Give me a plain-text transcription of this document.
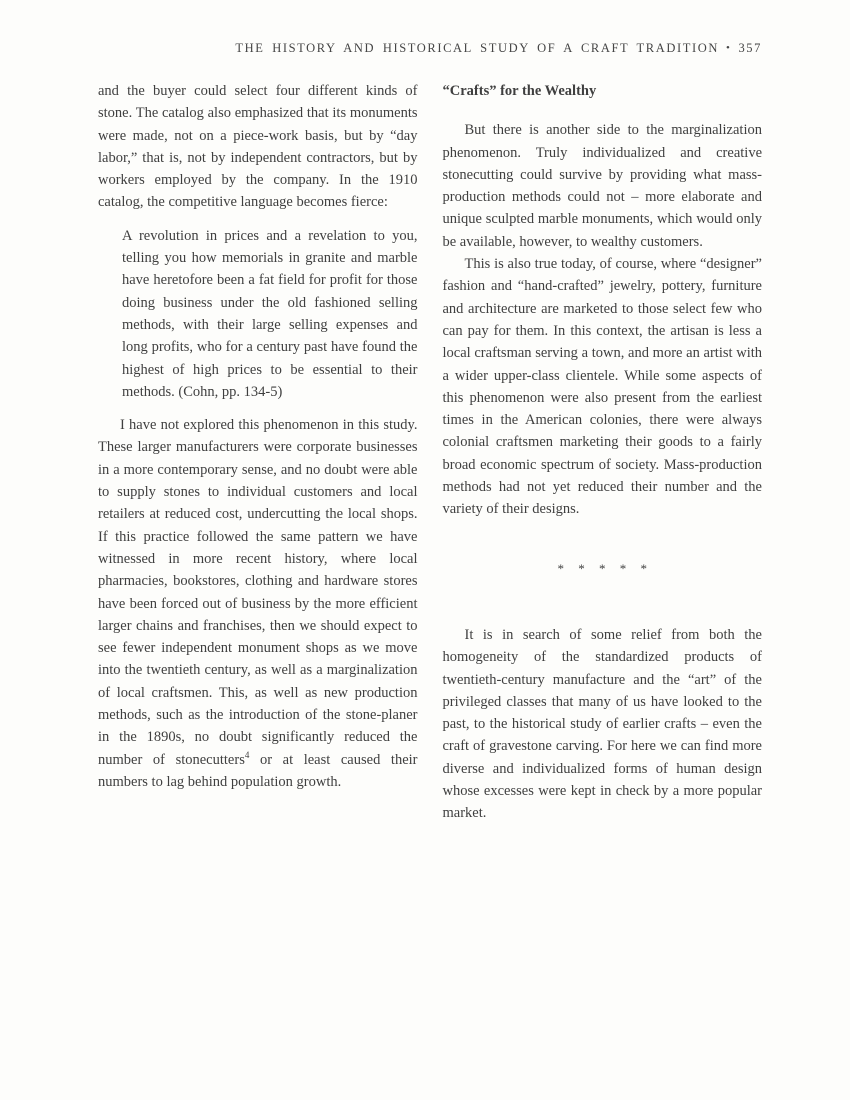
THE HISTORY AND HISTORICAL STUDY OF A CRAFT TRADITION • 357

and the buyer could select four different kinds of stone. The catalog also emphasized that its monuments were made, not on a piece-work basis, but by “day labor,” that is, not by independent contractors, but by workers employed by the company. In the 1910 catalog, the competitive language becomes fierce:

A revolution in prices and a revelation to you, telling you how memorials in granite and marble have heretofore been a fat field for profit for those doing business under the old fashioned selling methods, with their large selling expenses and long profits, who for a century past have found the highest of high prices to be essential to their methods. (Cohn, pp. 134-5)

I have not explored this phenomenon in this study. These larger manufacturers were corporate businesses in a more contemporary sense, and no doubt were able to supply stones to individual customers and local retailers at reduced cost, undercutting the local shops. If this practice followed the same pattern we have witnessed in more recent history, where local pharmacies, bookstores, clothing and hardware stores have been forced out of business by the more efficient larger chains and franchises, then we should expect to see fewer independent monument shops as we move into the twentieth century, as well as a marginalization of local craftsmen. This, as well as new production methods, such as the introduction of the stone-planer in the 1890s, no doubt significantly reduced the number of stonecutters$^4$ or at least caused their numbers to lag behind population growth.

“Crafts” for the Wealthy

But there is another side to the marginalization phenomenon. Truly individualized and creative stonecutting could survive by providing what mass-production methods could not – more elaborate and unique sculpted marble monuments, which would only be available, however, to wealthy customers.

This is also true today, of course, where “designer” fashion and “hand-crafted” jewelry, pottery, furniture and architecture are marketed to those select few who can pay for them. In this context, the artisan is less a local craftsman serving a town, and more an artist with a wider upper-class clientele. While some aspects of this phenomenon were also present from the earliest times in the American colonies, there were always colonial craftsmen marketing their goods to a fairly broad economic spectrum of society. Mass-production methods had not yet reduced their number and the variety of their designs.

* * * * *

It is in search of some relief from both the homogeneity of the standardized products of twentieth-century manufacture and the “art” of the privileged classes that many of us have looked to the past, to the historical study of earlier crafts – even the craft of gravestone carving. For here we can find more diverse and individualized forms of human design whose excesses were kept in check by a more popular market.
